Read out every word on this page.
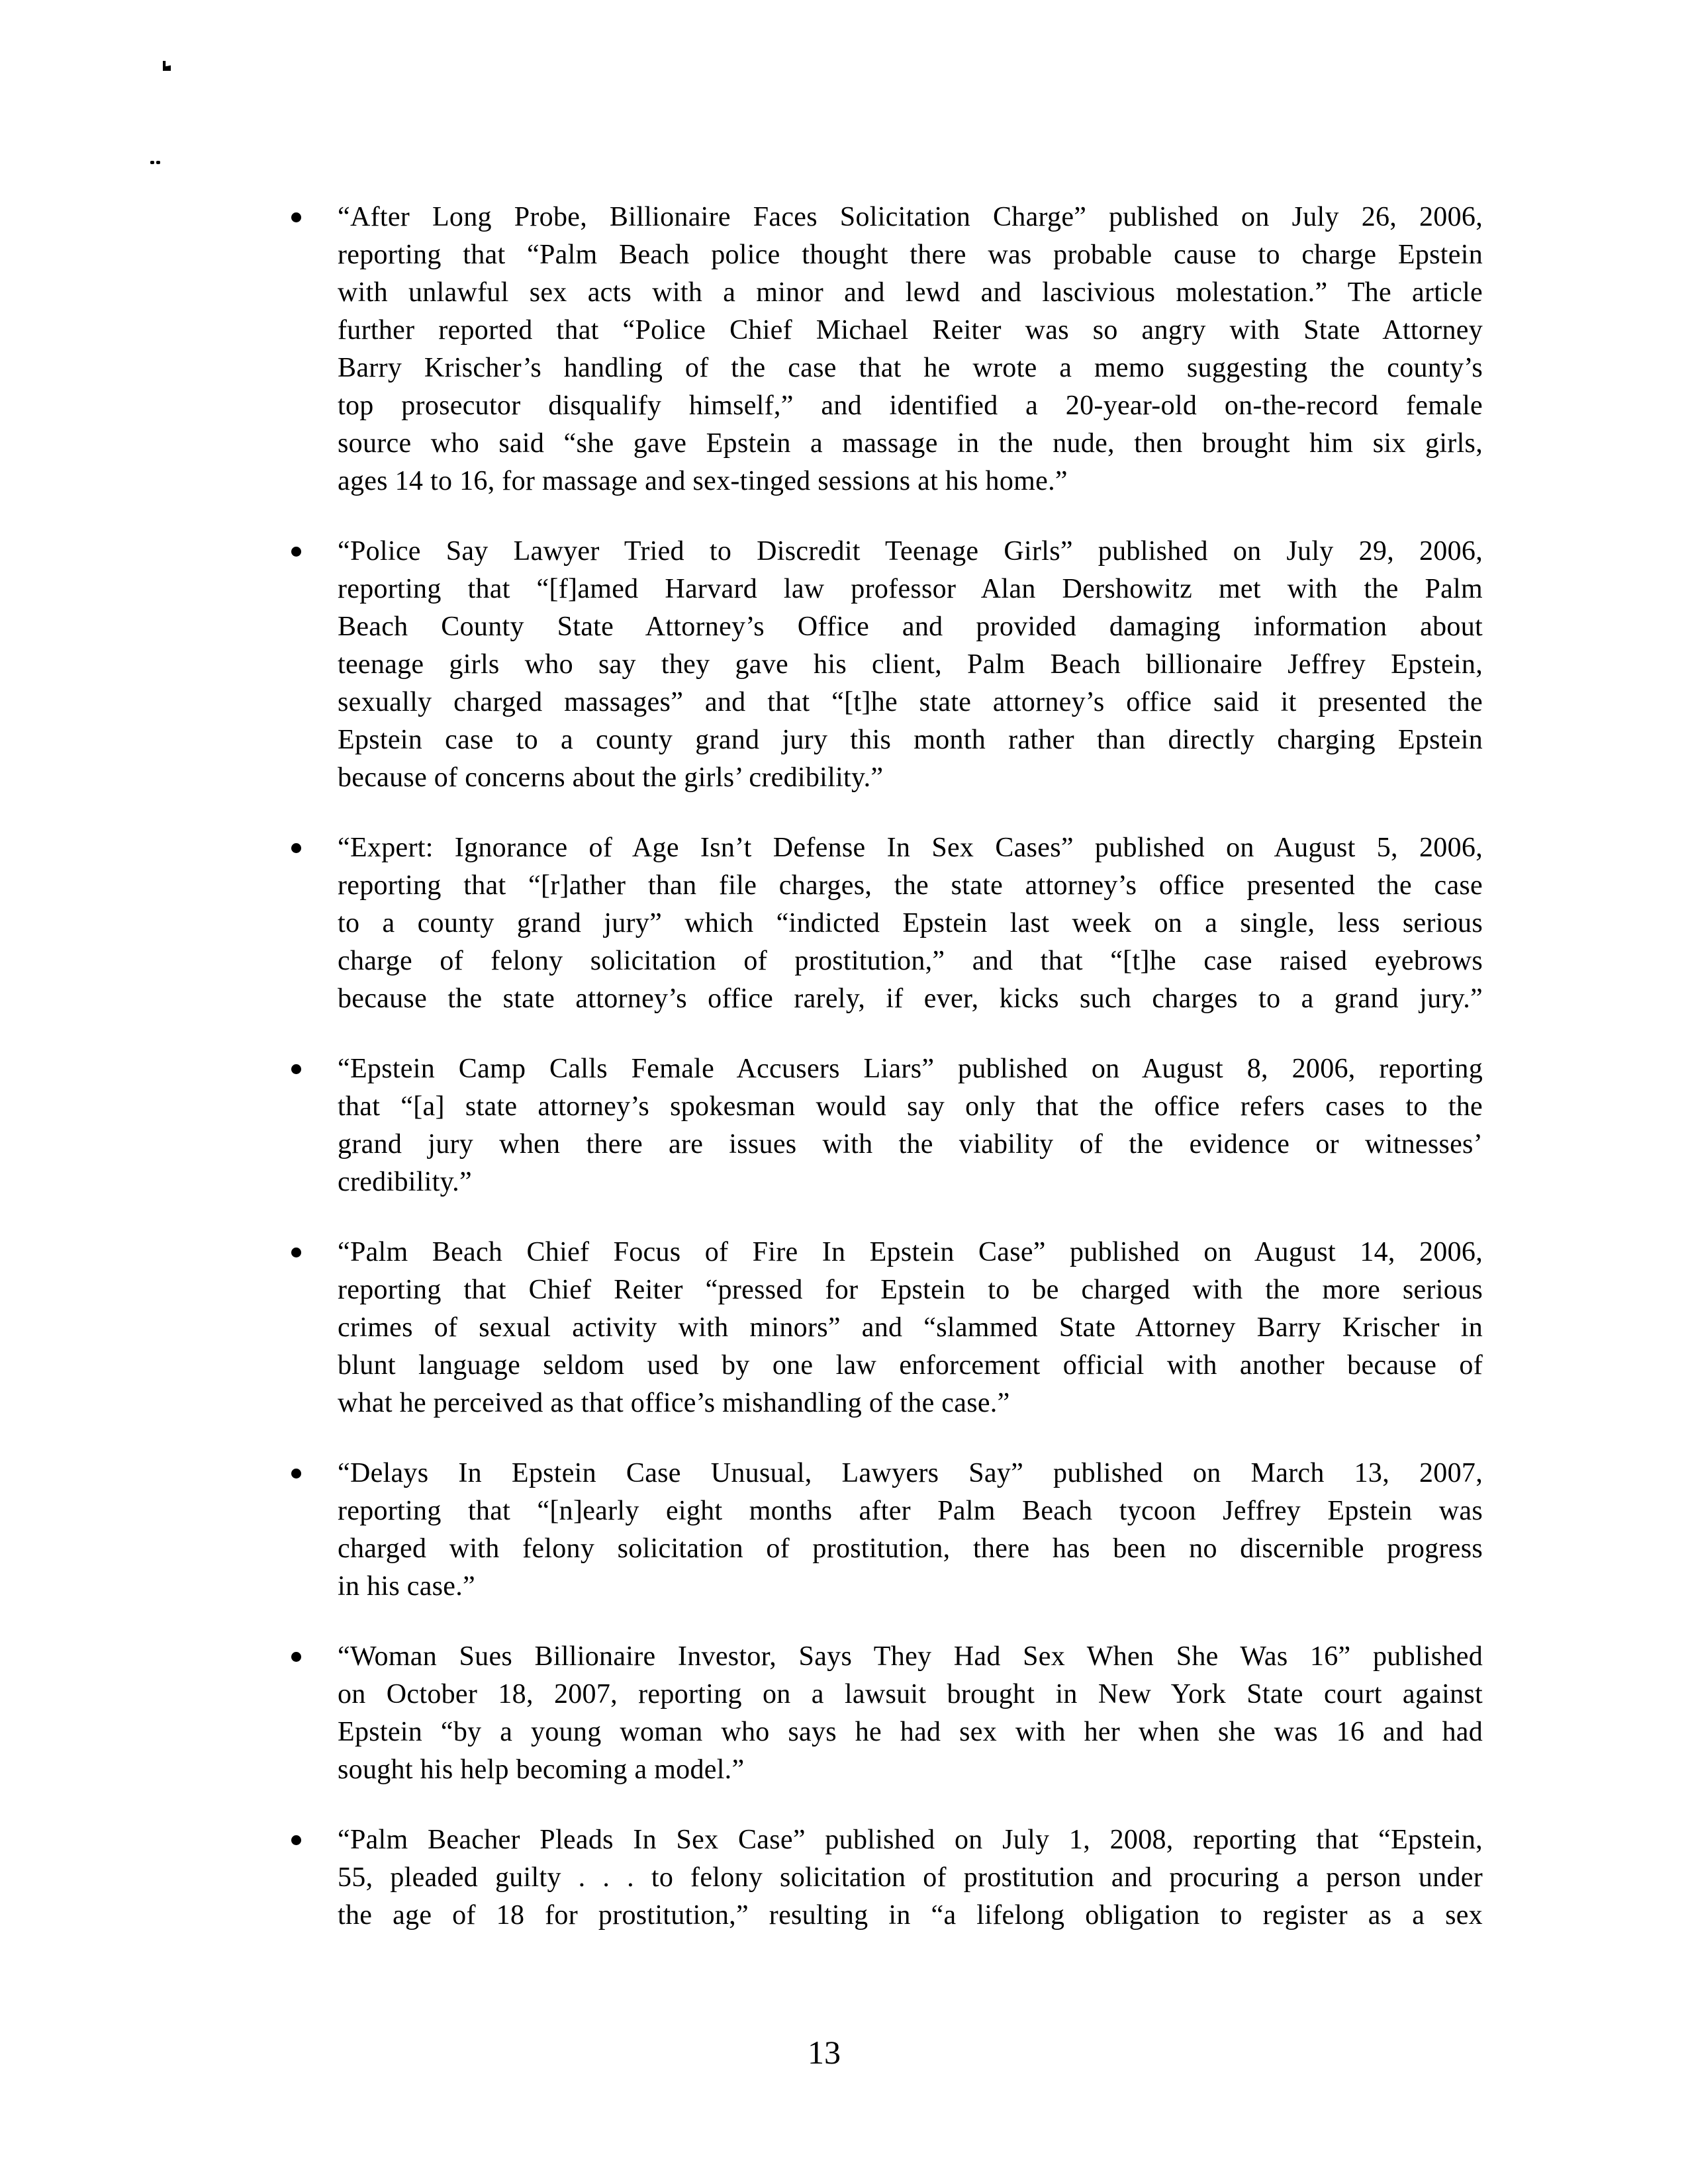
“After Long Probe, Billionaire Faces Solicitation Charge” published on July 26, 2006,
reporting that “Palm Beach police thought there was probable cause to charge Epstein
with unlawful sex acts with a minor and lewd and lascivious molestation.” The article
further reported that “Police Chief Michael Reiter was so angry with State Attorney
Barry Krischer’s handling of the case that he wrote a memo suggesting the county’s
top prosecutor disqualify himself,” and identified a 20-year-old on-the-record female
source who said “she gave Epstein a massage in the nude, then brought him six girls,
ages 14 to 16, for massage and sex-tinged sessions at his home.”
“Police Say Lawyer Tried to Discredit Teenage Girls” published on July 29, 2006,
reporting that “[f]amed Harvard law professor Alan Dershowitz met with the Palm
Beach County State Attorney’s Office and provided damaging information about
teenage girls who say they gave his client, Palm Beach billionaire Jeffrey Epstein,
sexually charged massages” and that “[t]he state attorney’s office said it presented the
Epstein case to a county grand jury this month rather than directly charging Epstein
because of concerns about the girls’ credibility.”
“Expert: Ignorance of Age Isn’t Defense In Sex Cases” published on August 5, 2006,
reporting that “[r]ather than file charges, the state attorney’s office presented the case
to a county grand jury” which “indicted Epstein last week on a single, less serious
charge of felony solicitation of prostitution,” and that “[t]he case raised eyebrows
because the state attorney’s office rarely, if ever, kicks such charges to a grand jury.”
“Epstein Camp Calls Female Accusers Liars” published on August 8, 2006, reporting
that “[a] state attorney’s spokesman would say only that the office refers cases to the
grand jury when there are issues with the viability of the evidence or witnesses’
credibility.”
“Palm Beach Chief Focus of Fire In Epstein Case” published on August 14, 2006,
reporting that Chief Reiter “pressed for Epstein to be charged with the more serious
crimes of sexual activity with minors” and “slammed State Attorney Barry Krischer in
blunt language seldom used by one law enforcement official with another because of
what he perceived as that office’s mishandling of the case.”
“Delays In Epstein Case Unusual, Lawyers Say” published on March 13, 2007,
reporting that “[n]early eight months after Palm Beach tycoon Jeffrey Epstein was
charged with felony solicitation of prostitution, there has been no discernible progress
in his case.”
“Woman Sues Billionaire Investor, Says They Had Sex When She Was 16” published
on October 18, 2007, reporting on a lawsuit brought in New York State court against
Epstein “by a young woman who says he had sex with her when she was 16 and had
sought his help becoming a model.”
“Palm Beacher Pleads In Sex Case” published on July 1, 2008, reporting that “Epstein,
55, pleaded guilty . . . to felony solicitation of prostitution and procuring a person under
the age of 18 for prostitution,” resulting in “a lifelong obligation to register as a sex
13
